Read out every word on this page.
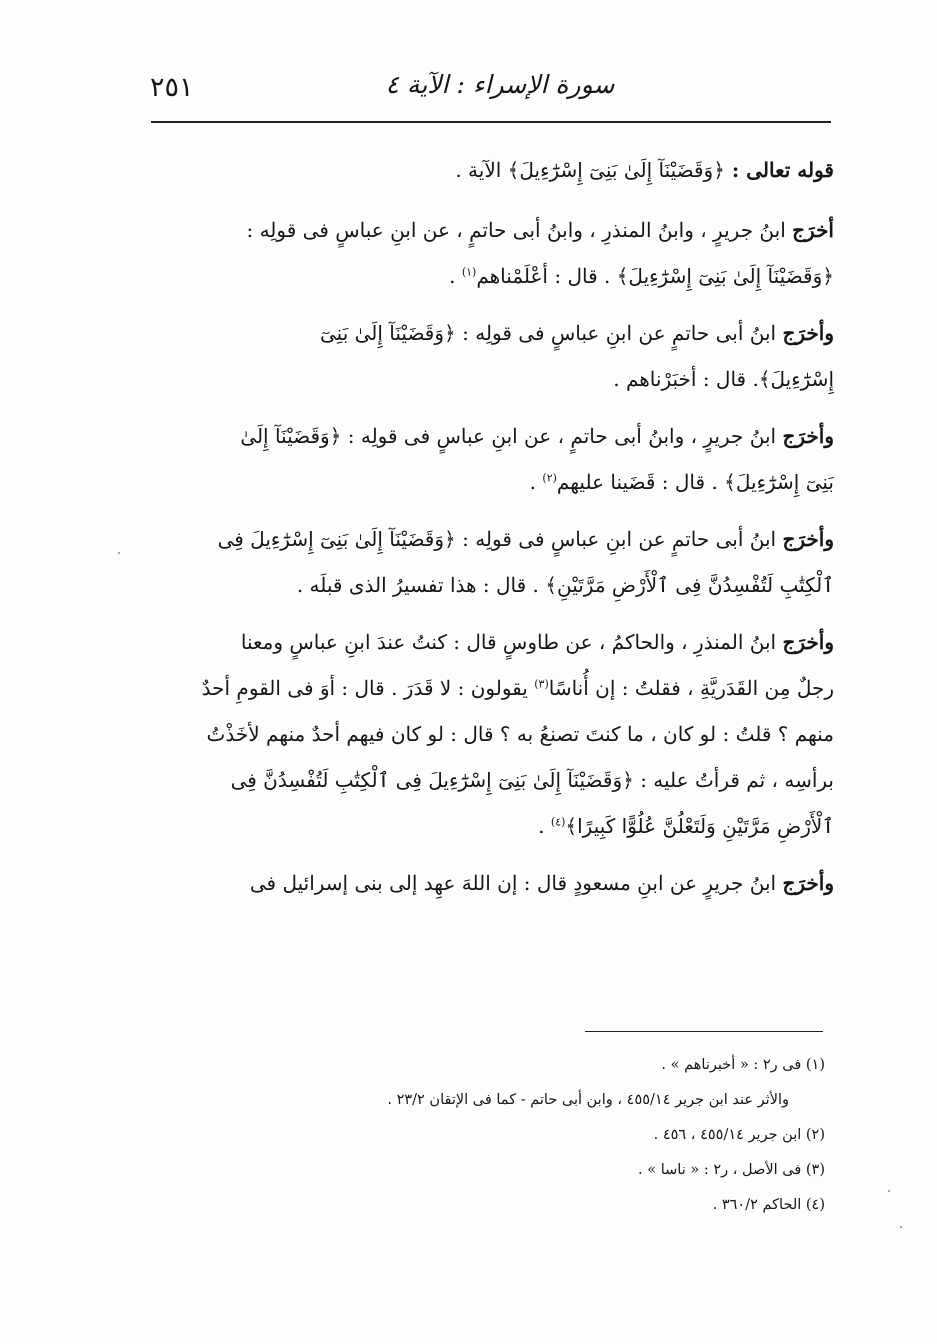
٢٥١	سورة الإسراء : الآية ٤

قوله تعالى : ﴿وَقَضَيْنَآ إِلَىٰ بَنِىٓ إِسْرَٰٓءِيلَ﴾ الآية .

أخرَج ابنُ جريرٍ ، وابنُ المنذرِ ، وابنُ أبى حاتمٍ ، عن ابنِ عباسٍ فى قولِه :
﴿وَقَضَيْنَآ إِلَىٰ بَنِىٓ إِسْرَٰٓءِيلَ﴾ . قال : أعْلَمْناهم$^{(١)}$ .

وأخرَج ابنُ أبى حاتمٍ عن ابنِ عباسٍ فى قولِه : ﴿وَقَضَيْنَآ إِلَىٰ بَنِىٓ
إِسْرَٰٓءِيلَ﴾. قال : أخبَرْناهم .

وأخرَج ابنُ جريرٍ ، وابنُ أبى حاتمٍ ، عن ابنِ عباسٍ فى قولِه : ﴿وَقَضَيْنَآ إِلَىٰ
بَنِىٓ إِسْرَٰٓءِيلَ﴾ . قال : قَضَينا عليهم$^{(٢)}$ .

وأخرَج ابنُ أبى حاتمٍ عن ابنِ عباسٍ فى قولِه : ﴿وَقَضَيْنَآ إِلَىٰ بَنِىٓ إِسْرَٰٓءِيلَ فِى
ٱلْكِتَٰبِ لَتُفْسِدُنَّ فِى ٱلْأَرْضِ مَرَّتَيْنِ﴾ . قال : هذا تفسيرُ الذى قبلَه .

وأخرَج ابنُ المنذرِ ، والحاكمُ ، عن طاوسٍ قال : كنتُ عندَ ابنِ عباسٍ ومعنا
رجلٌ مِن القَدَريَّةِ ، فقلتُ : إن أُناسًا$^{(٣)}$ يقولون : لا قَدَرَ . قال : أوَ فى القومِ أحدٌ
منهم ؟ قلتُ : لو كان ، ما كنتَ تصنعُ به ؟ قال : لو كان فيهم أحدٌ منهم لأخَذْتُ
برأسِه ، ثم قرأتُ عليه : ﴿وَقَضَيْنَآ إِلَىٰ بَنِىٓ إِسْرَٰٓءِيلَ فِى ٱلْكِتَٰبِ لَتُفْسِدُنَّ فِى
ٱلْأَرْضِ مَرَّتَيْنِ وَلَتَعْلُنَّ عُلُوًّا كَبِيرًا﴾$^{(٤)}$ .

وأخرَج ابنُ جريرٍ عن ابنِ مسعودٍ قال : إن اللهَ عهِد إلى بنى إسرائيل فى

(١) فى ر٢ : « أخبرناهم » .
والأثر عند ابن جرير ٤٥٥/١٤ ، وابن أبى حاتم - كما فى الإتقان ٢٣/٢ .
(٢) ابن جرير ٤٥٥/١٤ ، ٤٥٦ .
(٣) فى الأصل ، ر٢ : « ناسا » .
(٤) الحاكم ٣٦٠/٢ .
